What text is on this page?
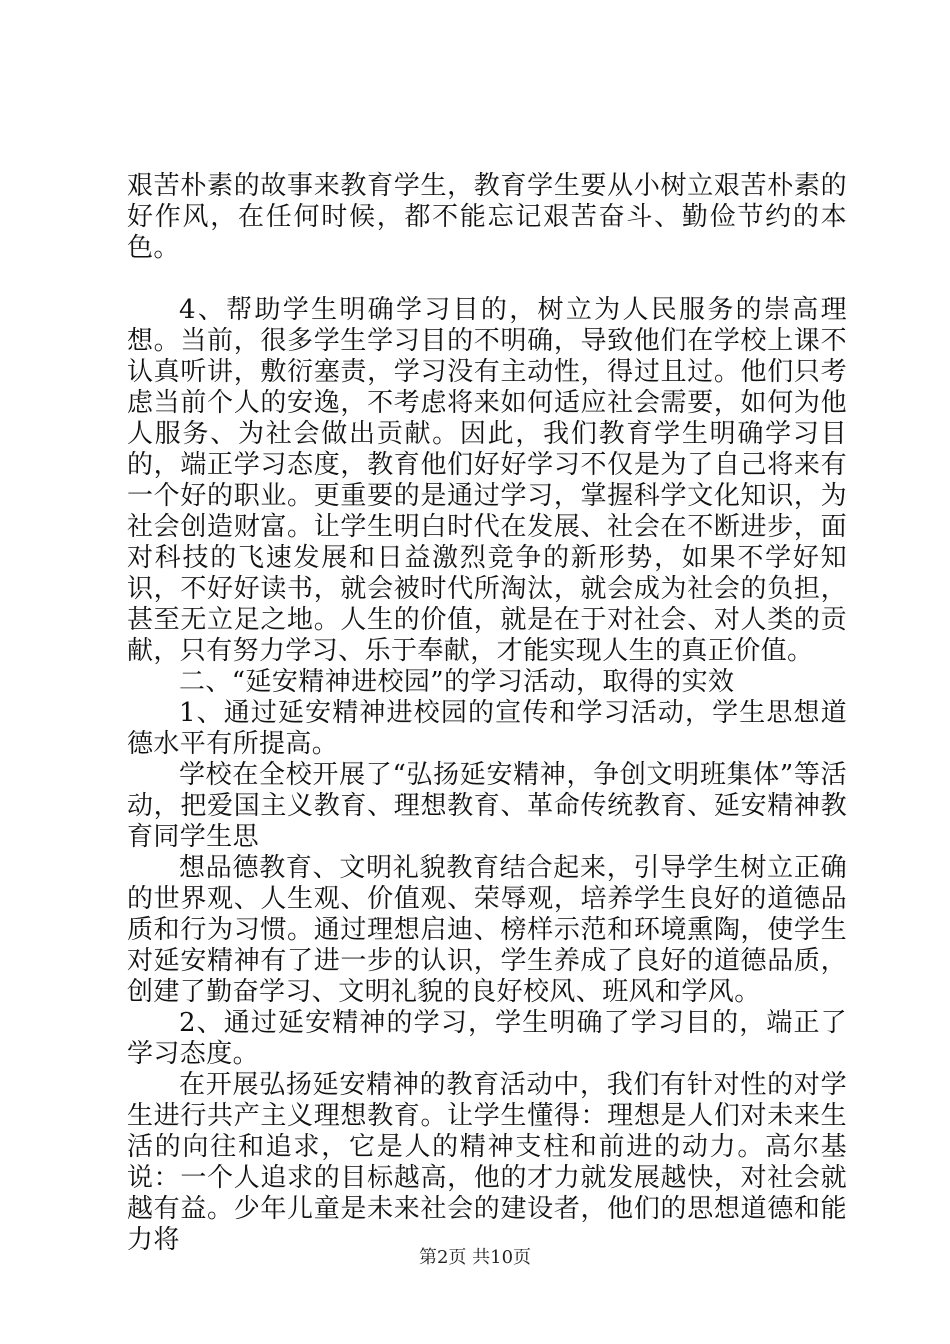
艰苦朴素的故事来教育学生，教育学生要从小树立艰苦朴素的好作风，在任何时候，都不能忘记艰苦奋斗、勤俭节约的本色。

4、帮助学生明确学习目的，树立为人民服务的崇高理想。当前，很多学生学习目的不明确，导致他们在学校上课不认真听讲，敷衍塞责，学习没有主动性，得过且过。他们只考虑当前个人的安逸，不考虑将来如何适应社会需要，如何为他人服务、为社会做出贡献。因此，我们教育学生明确学习目的，端正学习态度，教育他们好好学习不仅是为了自己将来有一个好的职业。更重要的是通过学习，掌握科学文化知识，为社会创造财富。让学生明白时代在发展、社会在不断进步，面对科技的飞速发展和日益激烈竞争的新形势，如果不学好知识，不好好读书，就会被时代所淘汰，就会成为社会的负担，甚至无立足之地。人生的价值，就是在于对社会、对人类的贡献，只有努力学习、乐于奉献，才能实现人生的真正价值。

二、“延安精神进校园”的学习活动，取得的实效

1、通过延安精神进校园的宣传和学习活动，学生思想道德水平有所提高。

学校在全校开展了“弘扬延安精神，争创文明班集体”等活动，把爱国主义教育、理想教育、革命传统教育、延安精神教育同学生思

想品德教育、文明礼貌教育结合起来，引导学生树立正确的世界观、人生观、价值观、荣辱观，培养学生良好的道德品质和行为习惯。通过理想启迪、榜样示范和环境熏陶，使学生对延安精神有了进一步的认识，学生养成了良好的道德品质，创建了勤奋学习、文明礼貌的良好校风、班风和学风。

2、通过延安精神的学习，学生明确了学习目的，端正了学习态度。

在开展弘扬延安精神的教育活动中，我们有针对性的对学生进行共产主义理想教育。让学生懂得：理想是人们对未来生活的向往和追求，它是人的精神支柱和前进的动力。高尔基说：一个人追求的目标越高，他的才力就发展越快，对社会就越有益。少年儿童是未来社会的建设者，他们的思想道德和能力将

第2页 共10页
